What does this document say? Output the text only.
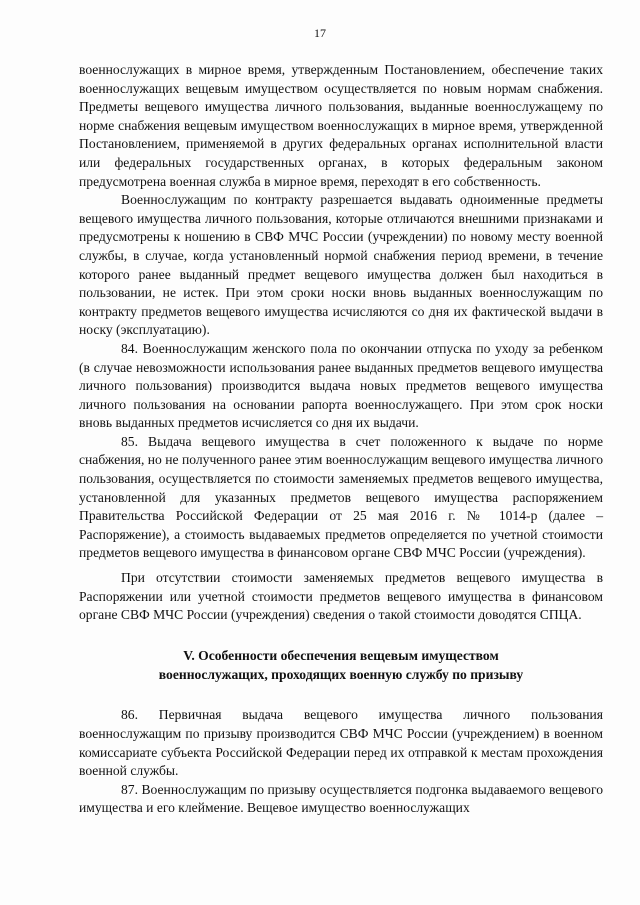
17

военнослужащих в мирное время, утвержденным Постановлением, обеспечение таких военнослужащих вещевым имуществом осуществляется по новым нормам снабжения. Предметы вещевого имущества личного пользования, выданные военнослужащему по норме снабжения вещевым имуществом военнослужащих в мирное время, утвержденной Постановлением, применяемой в других федеральных органах исполнительной власти или федеральных государственных органах, в которых федеральным законом предусмотрена военная служба в мирное время, переходят в его собственность.

Военнослужащим по контракту разрешается выдавать одноименные предметы вещевого имущества личного пользования, которые отличаются внешними признаками и предусмотрены к ношению в СВФ МЧС России (учреждении) по новому месту военной службы, в случае, когда установленный нормой снабжения период времени, в течение которого ранее выданный предмет вещевого имущества должен был находиться в пользовании, не истек. При этом сроки носки вновь выданных военнослужащим по контракту предметов вещевого имущества исчисляются со дня их фактической выдачи в носку (эксплуатацию).

84. Военнослужащим женского пола по окончании отпуска по уходу за ребенком (в случае невозможности использования ранее выданных предметов вещевого имущества личного пользования) производится выдача новых предметов вещевого имущества личного пользования на основании рапорта военнослужащего. При этом срок носки вновь выданных предметов исчисляется со дня их выдачи.

85. Выдача вещевого имущества в счет положенного к выдаче по норме снабжения, но не полученного ранее этим военнослужащим вещевого имущества личного пользования, осуществляется по стоимости заменяемых предметов вещевого имущества, установленной для указанных предметов вещевого имущества распоряжением Правительства Российской Федерации от 25 мая 2016 г. № 1014-р (далее – Распоряжение), а стоимость выдаваемых предметов определяется по учетной стоимости предметов вещевого имущества в финансовом органе СВФ МЧС России (учреждения).

При отсутствии стоимости заменяемых предметов вещевого имущества в Распоряжении или учетной стоимости предметов вещевого имущества в финансовом органе СВФ МЧС России (учреждения) сведения о такой стоимости доводятся СПЦА.

V. Особенности обеспечения вещевым имуществом
военнослужащих, проходящих военную службу по призыву

86. Первичная выдача вещевого имущества личного пользования военнослужащим по призыву производится СВФ МЧС России (учреждением) в военном комиссариате субъекта Российской Федерации перед их отправкой к местам прохождения военной службы.

87. Военнослужащим по призыву осуществляется подгонка выдаваемого вещевого имущества и его клеймение. Вещевое имущество военнослужащих
